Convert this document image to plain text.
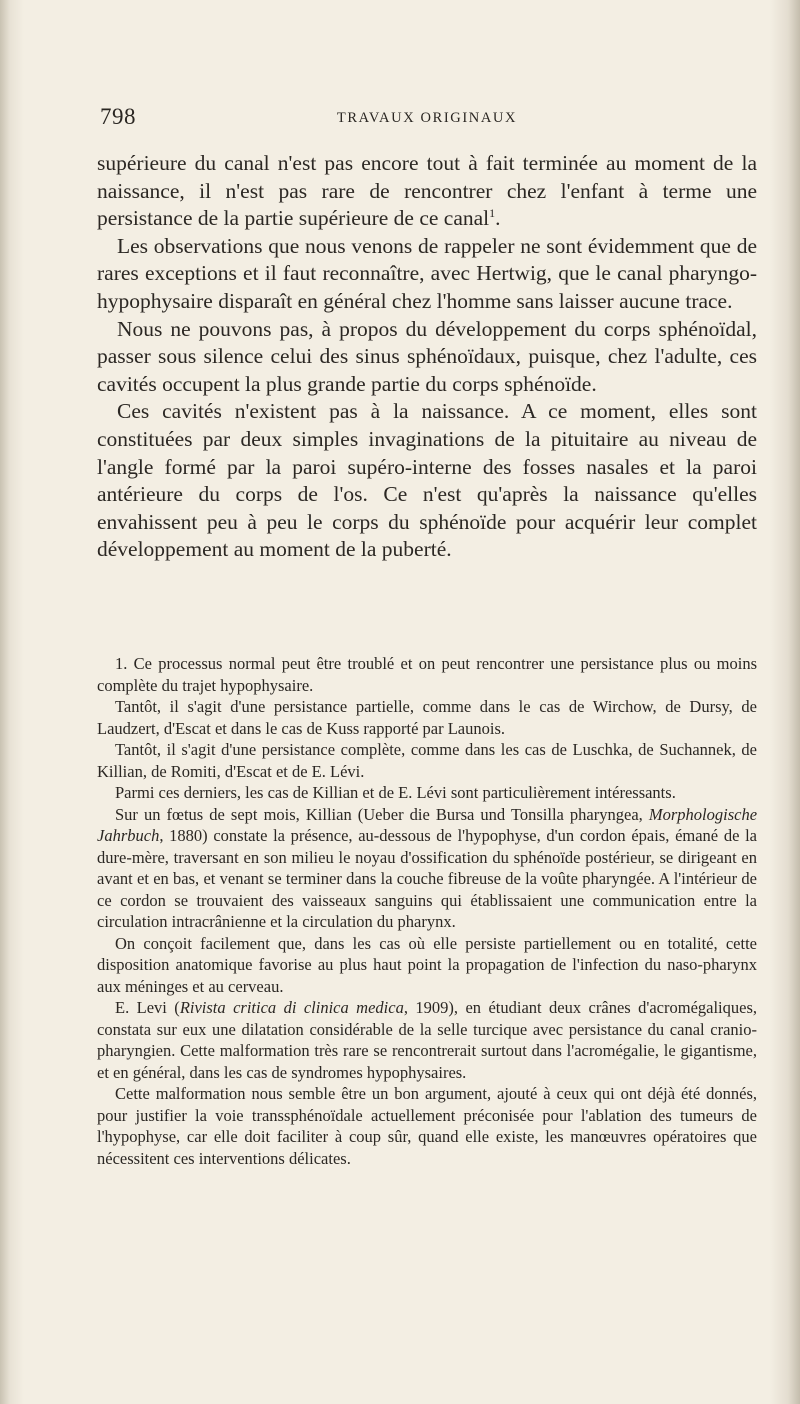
798	TRAVAUX ORIGINAUX

supérieure du canal n'est pas encore tout à fait terminée au moment de la naissance, il n'est pas rare de rencontrer chez l'enfant à terme une persistance de la partie supérieure de ce canal$^1$.

Les observations que nous venons de rappeler ne sont évidemment que de rares exceptions et il faut reconnaître, avec Hertwig, que le canal pharyngo-hypophysaire disparaît en général chez l'homme sans laisser aucune trace.

Nous ne pouvons pas, à propos du développement du corps sphénoïdal, passer sous silence celui des sinus sphénoïdaux, puisque, chez l'adulte, ces cavités occupent la plus grande partie du corps sphénoïde.

Ces cavités n'existent pas à la naissance. A ce moment, elles sont constituées par deux simples invaginations de la pituitaire au niveau de l'angle formé par la paroi supéro-interne des fosses nasales et la paroi antérieure du corps de l'os. Ce n'est qu'après la naissance qu'elles envahissent peu à peu le corps du sphénoïde pour acquérir leur complet développement au moment de la puberté.

1. Ce processus normal peut être troublé et on peut rencontrer une persistance plus ou moins complète du trajet hypophysaire.

Tantôt, il s'agit d'une persistance partielle, comme dans le cas de Wirchow, de Dursy, de Laudzert, d'Escat et dans le cas de Kuss rapporté par Launois.

Tantôt, il s'agit d'une persistance complète, comme dans les cas de Luschka, de Suchannek, de Killian, de Romiti, d'Escat et de E. Lévi.

Parmi ces derniers, les cas de Killian et de E. Lévi sont particulièrement intéressants.

Sur un fœtus de sept mois, Killian (Ueber die Bursa und Tonsilla pharyngea, Morphologische Jahrbuch, 1880) constate la présence, au-dessous de l'hypophyse, d'un cordon épais, émané de la dure-mère, traversant en son milieu le noyau d'ossification du sphénoïde postérieur, se dirigeant en avant et en bas, et venant se terminer dans la couche fibreuse de la voûte pharyngée. A l'intérieur de ce cordon se trouvaient des vaisseaux sanguins qui établissaient une communication entre la circulation intracrânienne et la circulation du pharynx.

On conçoit facilement que, dans les cas où elle persiste partiellement ou en totalité, cette disposition anatomique favorise au plus haut point la propagation de l'infection du naso-pharynx aux méninges et au cerveau.

E. Levi (Rivista critica di clinica medica, 1909), en étudiant deux crânes d'acromégaliques, constata sur eux une dilatation considérable de la selle turcique avec persistance du canal cranio-pharyngien. Cette malformation très rare se rencontrerait surtout dans l'acromégalie, le gigantisme, et en général, dans les cas de syndromes hypophysaires.

Cette malformation nous semble être un bon argument, ajouté à ceux qui ont déjà été donnés, pour justifier la voie transsphénoïdale actuellement préconisée pour l'ablation des tumeurs de l'hypophyse, car elle doit faciliter à coup sûr, quand elle existe, les manœuvres opératoires que nécessitent ces interventions délicates.
